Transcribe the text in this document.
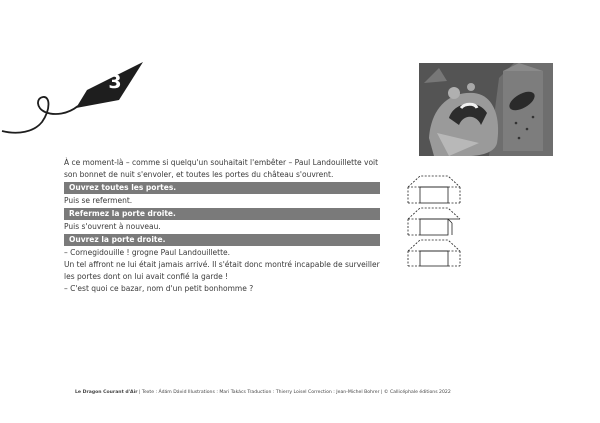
3

À ce moment-là – comme si quelqu'un souhaitait l'embêter – Paul Landouillette voit son bonnet de nuit s'envoler, et toutes les portes du château s'ouvrent.

Ouvrez toutes les portes.

Puis se referment.

Refermez la porte droite.

Puis s'ouvrent à nouveau.

Ouvrez la porte droite.

– Cornegidouille ! grogne Paul Landouillette.

Un tel affront ne lui était jamais arrivé. Il s'était donc montré incapable de surveiller les portes dont on lui avait confié la garde !

– C'est quoi ce bazar, nom d'un petit bonhomme ?

Le Dragon Courant d'Air | Texte : Ádám Dávid Illustrations : Mari Takács Traduction : Thierry Loisel Correction : Jean-Michel Bohrer | © Callicéphale éditions 2022
